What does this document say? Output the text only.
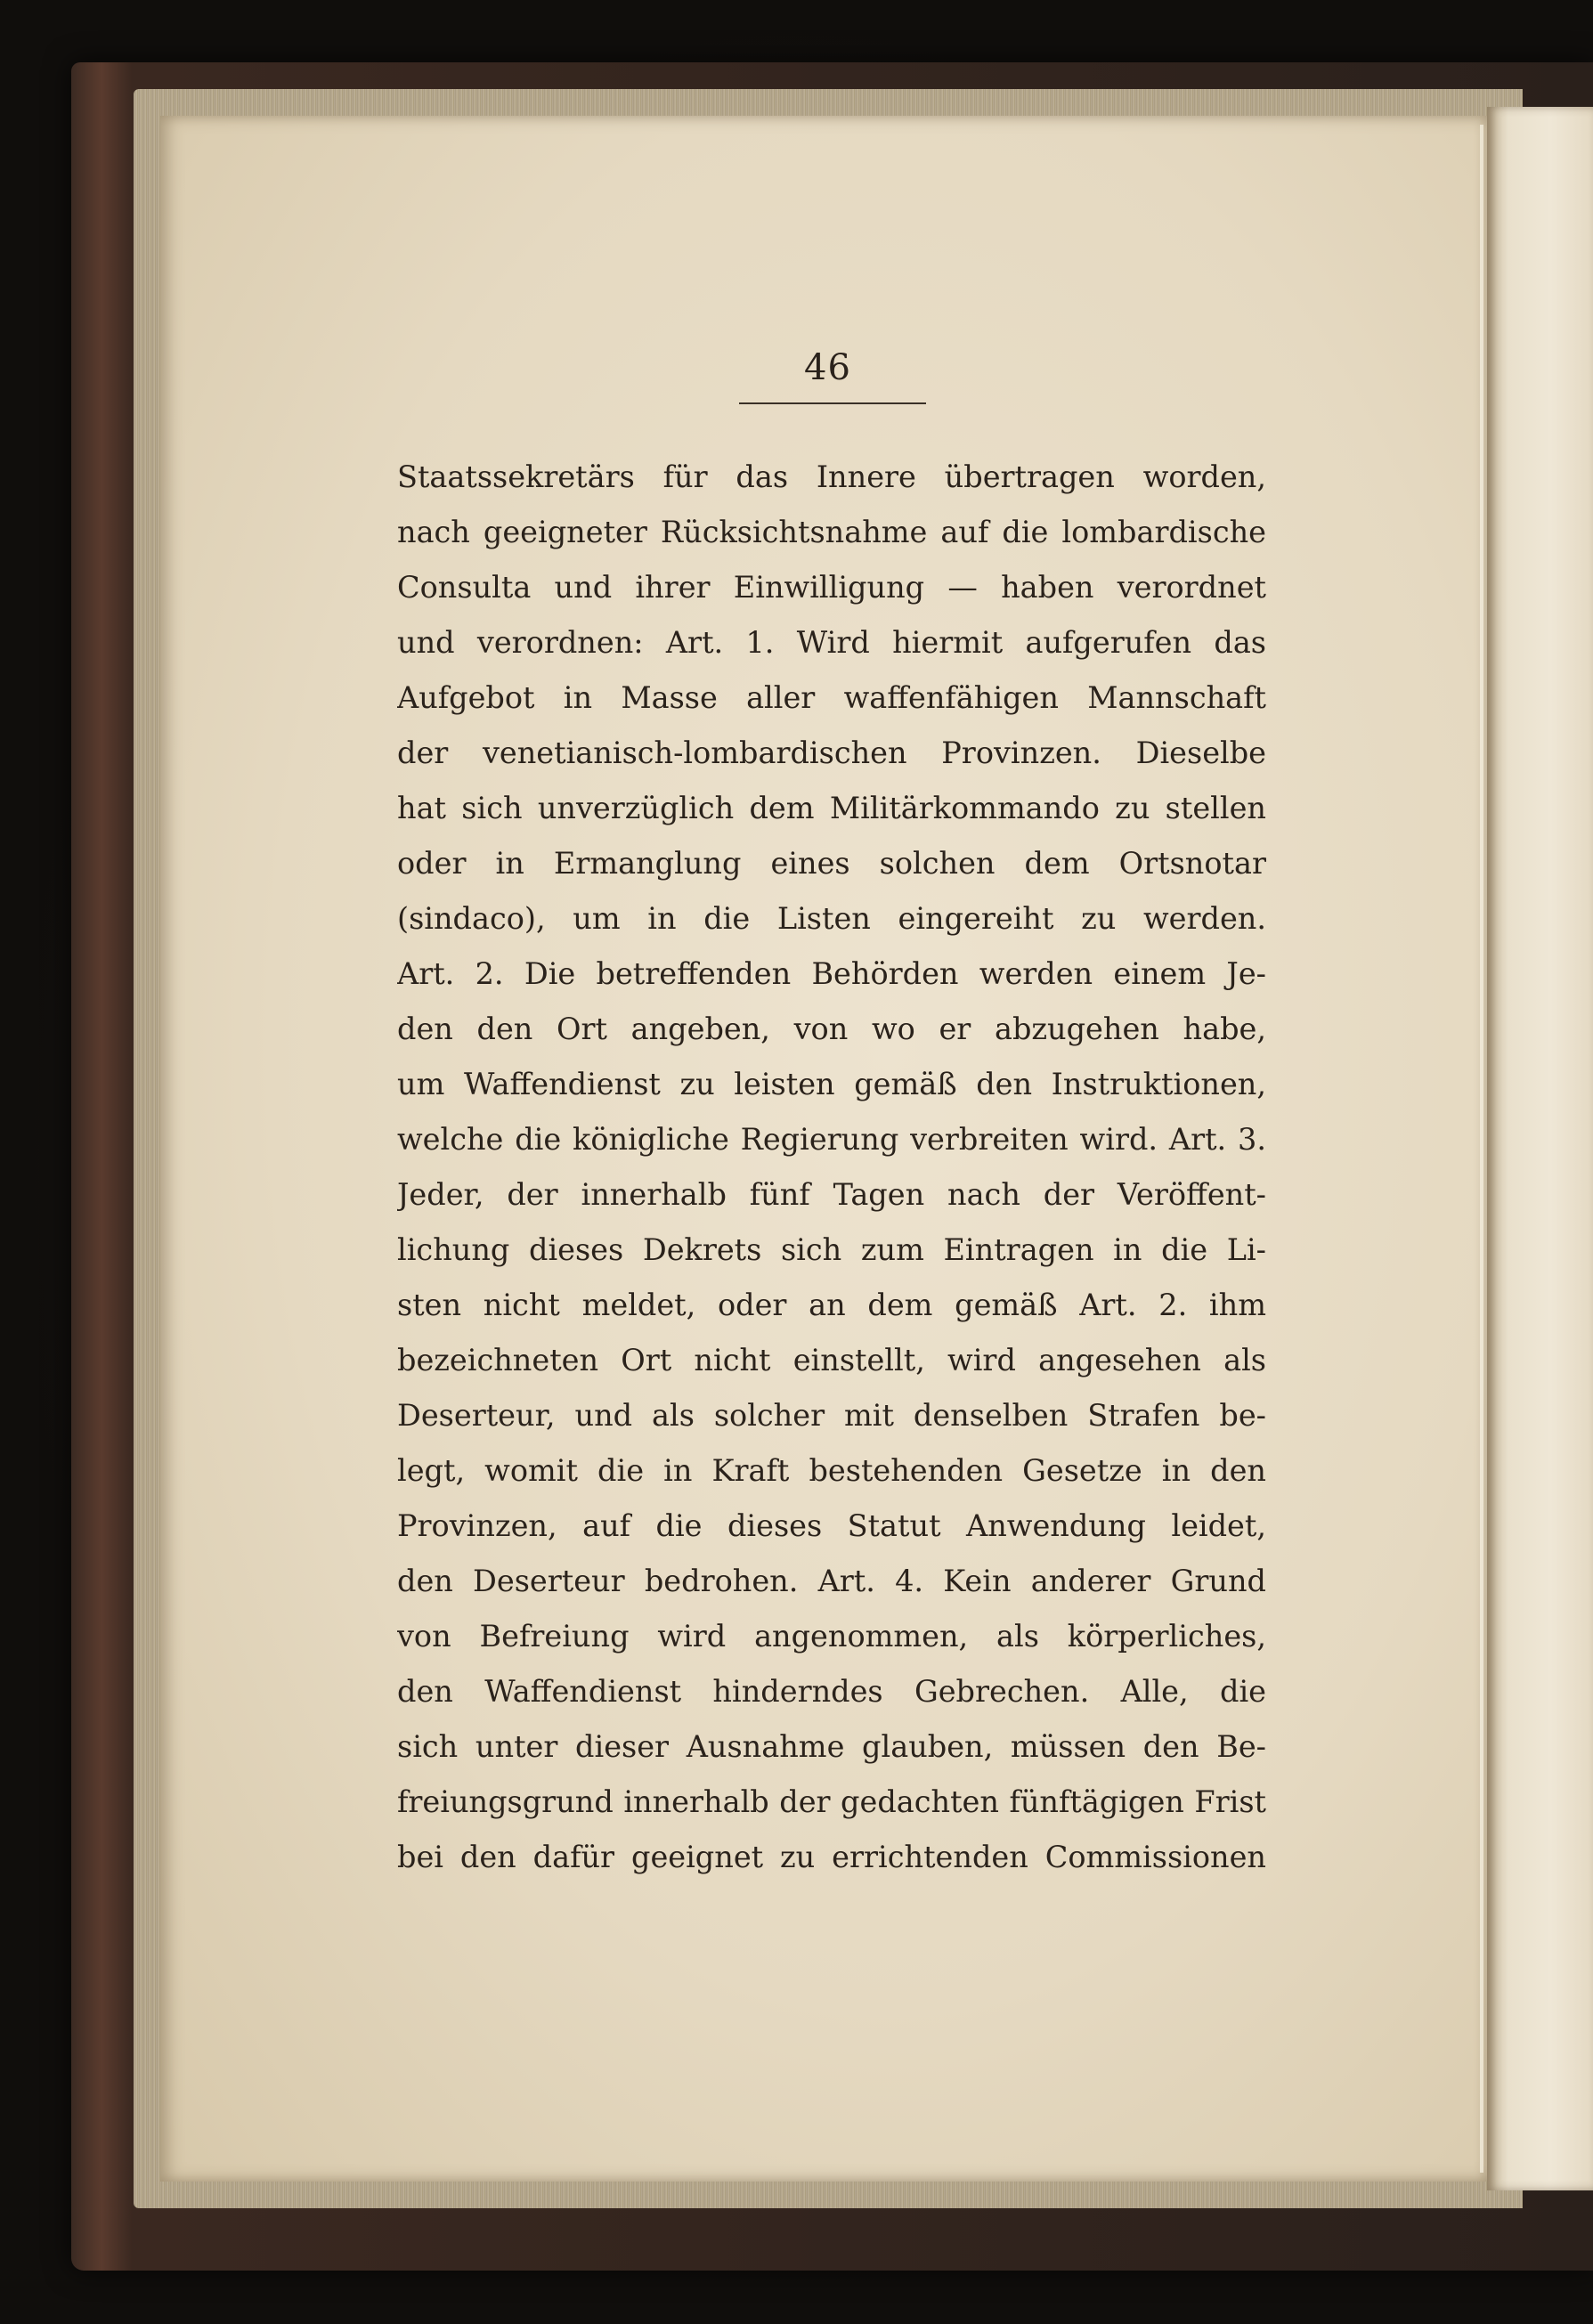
46
Staatssekretärs für das Innere übertragen worden,
nach geeigneter Rücksichtsnahme auf die lombardische
Consulta und ihrer Einwilligung — haben verordnet
und verordnen: Art. 1. Wird hiermit aufgerufen das
Aufgebot in Masse aller waffenfähigen Mannschaft
der venetianisch-lombardischen Provinzen. Dieselbe
hat sich unverzüglich dem Militärkommando zu stellen
oder in Ermanglung eines solchen dem Ortsnotar
(sindaco), um in die Listen eingereiht zu werden.
Art. 2. Die betreffenden Behörden werden einem Je-
den den Ort angeben, von wo er abzugehen habe,
um Waffendienst zu leisten gemäß den Instruktionen,
welche die königliche Regierung verbreiten wird. Art. 3.
Jeder, der innerhalb fünf Tagen nach der Veröffent-
lichung dieses Dekrets sich zum Eintragen in die Li-
sten nicht meldet, oder an dem gemäß Art. 2. ihm
bezeichneten Ort nicht einstellt, wird angesehen als
Deserteur, und als solcher mit denselben Strafen be-
legt, womit die in Kraft bestehenden Gesetze in den
Provinzen, auf die dieses Statut Anwendung leidet,
den Deserteur bedrohen. Art. 4. Kein anderer Grund
von Befreiung wird angenommen, als körperliches,
den Waffendienst hinderndes Gebrechen. Alle, die
sich unter dieser Ausnahme glauben, müssen den Be-
freiungsgrund innerhalb der gedachten fünftägigen Frist
bei den dafür geeignet zu errichtenden Commissionen
